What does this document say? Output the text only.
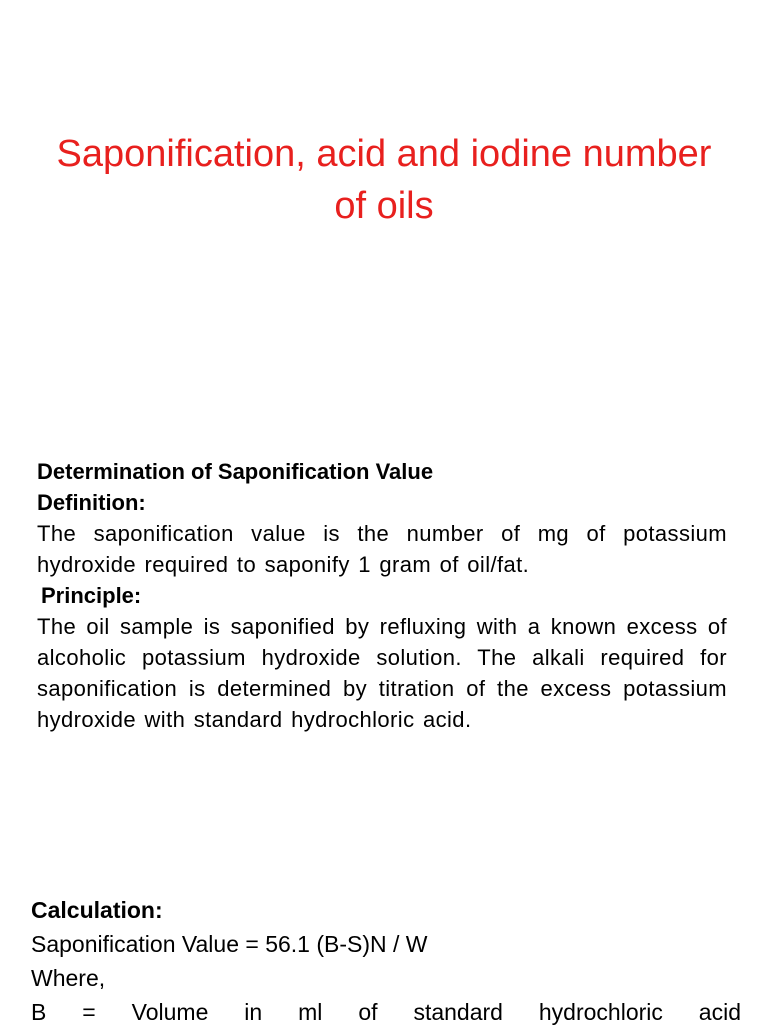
Saponification, acid and iodine number
of oils

Determination of Saponification Value

Definition:

The saponification value is the number of mg of potassium hydroxide required to saponify 1 gram of oil/fat.

Principle:

The oil sample is saponified by refluxing with a known excess of alcoholic potassium hydroxide solution. The alkali required for saponification is determined by titration of the excess potassium hydroxide with standard hydrochloric acid.

Calculation:

Saponification Value = 56.1 (B-S)N / W

Where,

B = Volume in ml of standard hydrochloric acid
